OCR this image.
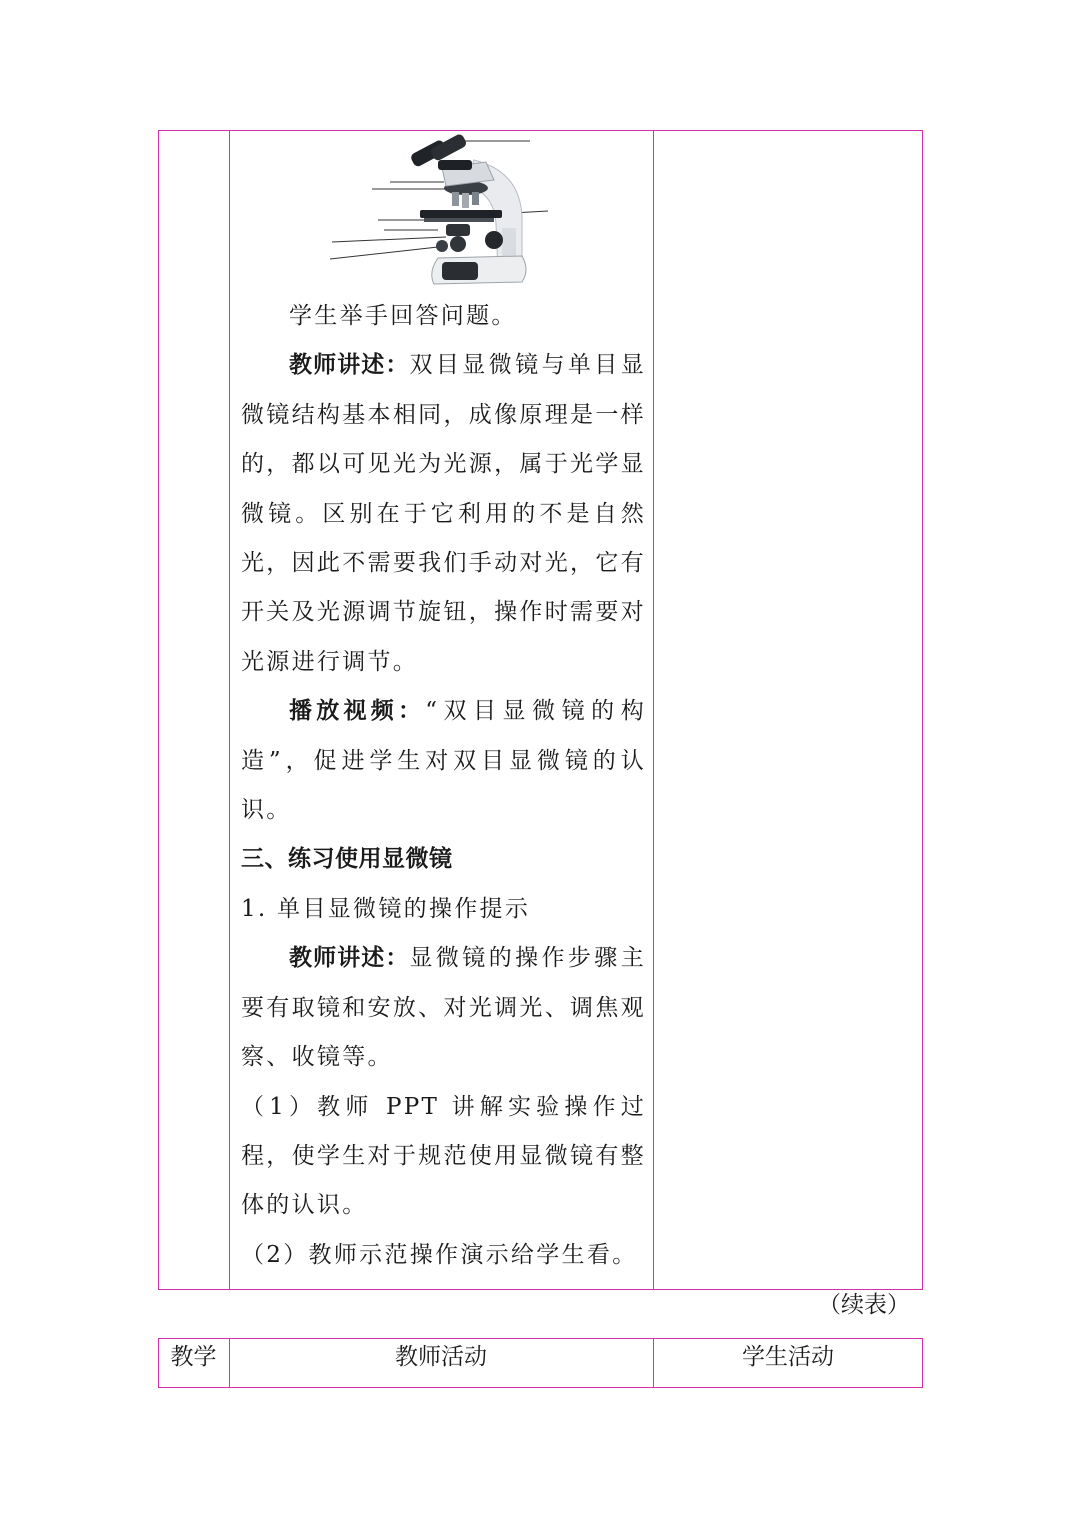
学生举手回答问题。

教师讲述：双目显微镜与单目显微镜结构基本相同，成像原理是一样的，都以可见光为光源，属于光学显微镜。区别在于它利用的不是自然光，因此不需要我们手动对光，它有开关及光源调节旋钮，操作时需要对光源进行调节。

播放视频：“双目显微镜的构造”，促进学生对双目显微镜的认识。

三、练习使用显微镜

1. 单目显微镜的操作提示

教师讲述：显微镜的操作步骤主要有取镜和安放、对光调光、调焦观察、收镜等。

（1）教师 PPT 讲解实验操作过程，使学生对于规范使用显微镜有整体的认识。

（2）教师示范操作演示给学生看。

（续表）
教学	教师活动	学生活动
